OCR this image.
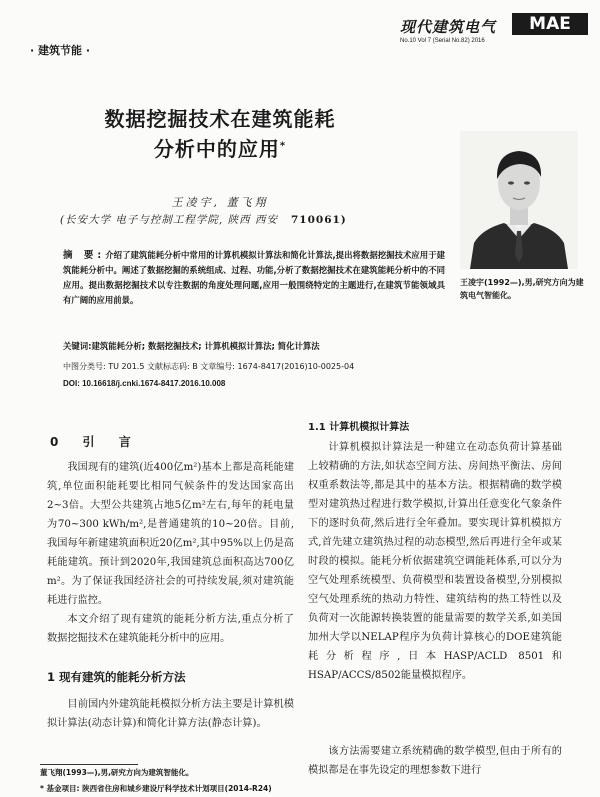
现代建筑电气	MAE
No.10 Vol 7 (Serial No.82) 2016
· 建筑节能 ·
数据挖掘技术在建筑能耗
分析中的应用*
王凌宇, 董飞翔
(长安大学 电子与控制工程学院, 陕西 西安 710061)
王凌宇(1992—),男,研究方向为建筑电气智能化。
摘 要:介绍了建筑能耗分析中常用的计算机模拟计算法和简化计算法,提出将数据挖掘技术应用于建筑能耗分析中。阐述了数据挖掘的系统组成、过程、功能,分析了数据挖掘技术在建筑能耗分析中的不同应用。提出数据挖掘技术以专注数据的角度处理问题,应用一般围绕特定的主题进行,在建筑节能领域具有广阔的应用前景。
关键词:建筑能耗分析; 数据挖掘技术; 计算机模拟计算法; 简化计算法
中图分类号: TU 201.5 文献标志码: B 文章编号: 1674-8417(2016)10-0025-04
DOI: 10.16618/j.cnki.1674-8417.2016.10.008
0 引 言

我国现有的建筑(近400亿m²)基本上都是高耗能建筑,单位面积能耗要比相同气候条件的发达国家高出2~3倍。大型公共建筑占地5亿m²左右,每年的耗电量为70~300 kWh/m²,是普通建筑的10~20倍。目前,我国每年新建建筑面积近20亿m²,其中95%以上仍是高耗能建筑。预计到2020年,我国建筑总面积高达700亿m²。为了保证我国经济社会的可持续发展,须对建筑能耗进行监控。

本文介绍了现有建筑的能耗分析方法,重点分析了数据挖掘技术在建筑能耗分析中的应用。

1 现有建筑的能耗分析方法

目前国内外建筑能耗模拟分析方法主要是计算机模拟计算法(动态计算)和简化计算方法(静态计算)。

1.1 计算机模拟计算法

计算机模拟计算法是一种建立在动态负荷计算基础上较精确的方法,如状态空间方法、房间热平衡法、房间权重系数法等,都是其中的基本方法。根据精确的数学模型对建筑热过程进行数学模拟,计算出任意变化气象条件下的逐时负荷,然后进行全年叠加。要实现计算机模拟方式,首先建立建筑热过程的动态模型,然后再进行全年或某时段的模拟。能耗分析依据建筑空调能耗体系,可以分为空气处理系统模型、负荷模型和装置设备模型,分别模拟空气处理系统的热动力特性、建筑结构的热工特性以及负荷对一次能源转换装置的能量需要的数学关系,如美国加州大学以NELAP程序为负荷计算核心的DOE建筑能耗分析程序,日本HASP/ACLD 8501和HSAP/ACCS/8502能量模拟程序。

该方法需要建立系统精确的数学模型,但由于所有的模拟都是在事先设定的理想参数下进行

董飞翔(1993—),男,研究方向为建筑智能化。
* 基金项目: 陕西省住房和城乡建设厅科学技术计划项目(2014-R24)
